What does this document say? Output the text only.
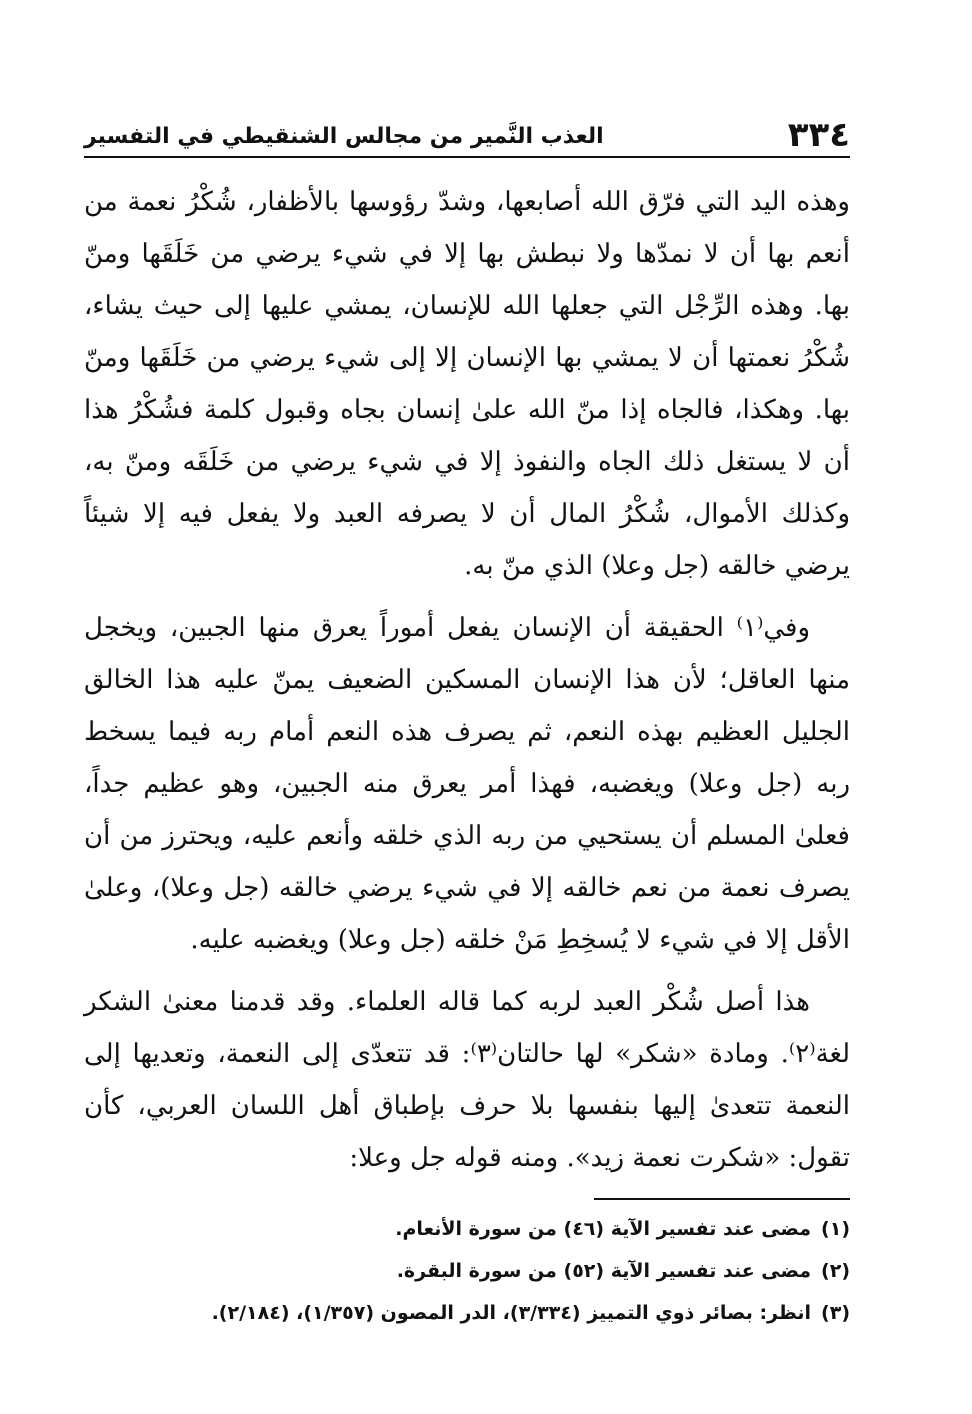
٣٣٤
العذب النَّمير من مجالس الشنقيطي في التفسير

وهذه اليد التي فرّق الله أصابعها، وشدّ رؤوسها بالأظفار، شُكْرُ نعمة من أنعم بها أن لا نمدّها ولا نبطش بها إلا في شيء يرضي من خَلَقَها ومنّ بها. وهذه الرِّجْل التي جعلها الله للإنسان، يمشي عليها إلى حيث يشاء، شُكْرُ نعمتها أن لا يمشي بها الإنسان إلا إلى شيء يرضي من خَلَقَها ومنّ بها. وهكذا، فالجاه إذا منّ الله علىٰ إنسان بجاه وقبول كلمة فشُكْرُ هذا أن لا يستغل ذلك الجاه والنفوذ إلا في شيء يرضي من خَلَقَه ومنّ به، وكذلك الأموال، شُكْرُ المال أن لا يصرفه العبد ولا يفعل فيه إلا شيئاً يرضي خالقه (جل وعلا) الذي منّ به.

وفي⁽١⁾ الحقيقة أن الإنسان يفعل أموراً يعرق منها الجبين، ويخجل منها العاقل؛ لأن هذا الإنسان المسكين الضعيف يمنّ عليه هذا الخالق الجليل العظيم بهذه النعم، ثم يصرف هذه النعم أمام ربه فيما يسخط ربه (جل وعلا) ويغضبه، فهذا أمر يعرق منه الجبين، وهو عظيم جداً، فعلىٰ المسلم أن يستحيي من ربه الذي خلقه وأنعم عليه، ويحترز من أن يصرف نعمة من نعم خالقه إلا في شيء يرضي خالقه (جل وعلا)، وعلىٰ الأقل إلا في شيء لا يُسخِطِ مَنْ خلقه (جل وعلا) ويغضبه عليه.

هذا أصل شُكْر العبد لربه كما قاله العلماء. وقد قدمنا معنىٰ الشكر لغة⁽٢⁾. ومادة «شكر» لها حالتان⁽٣⁾: قد تتعدّى إلى النعمة، وتعديها إلى النعمة تتعدىٰ إليها بنفسها بلا حرف بإطباق أهل اللسان العربي، كأن تقول: «شكرت نعمة زيد». ومنه قوله جل وعلا:

(١)مضى عند تفسير الآية (٤٦) من سورة الأنعام.
(٢)مضى عند تفسير الآية (٥٢) من سورة البقرة.
(٣)انظر: بصائر ذوي التمييز (٣/٣٣٤)، الدر المصون (١/٣٥٧)، (٢/١٨٤).
